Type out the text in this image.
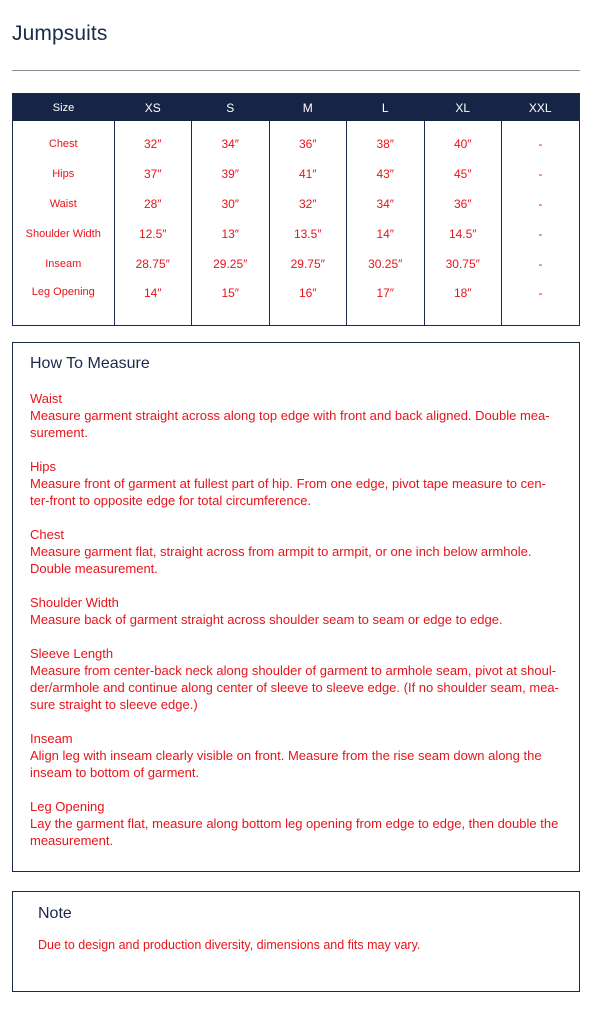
Jumpsuits
Size	XS	S	M	L	XL	XXL
Chest	32″	34″	36″	38″	40″	-
Hips	37″	39″	41″	43″	45″	-
Waist	28″	30″	32″	34″	36″	-
Shoulder Width	12.5″	13″	13.5″	14″	14.5″	-
Inseam	28.75″	29.25″	29.75″	30.25″	30.75″	-
Leg Opening	14″	15″	16″	17″	18″	-
How To Measure
Waist
Measure garment straight across along top edge with front and back aligned. Double mea-surement.
Hips
Measure front of garment at fullest part of hip. From one edge, pivot tape measure to cen-ter-front to opposite edge for total circumference.
Chest
Measure garment flat, straight across from armpit to armpit, or one inch below armhole. Double measurement.
Shoulder Width
Measure back of garment straight across shoulder seam to seam or edge to edge.
Sleeve Length
Measure from center-back neck along shoulder of garment to armhole seam, pivot at shoul-der/armhole and continue along center of sleeve to sleeve edge. (If no shoulder seam, mea-sure straight to sleeve edge.)
Inseam
Align leg with inseam clearly visible on front. Measure from the rise seam down along the inseam to bottom of garment.
Leg Opening
Lay the garment flat, measure along bottom leg opening from edge to edge, then double the measurement.
Note
Due to design and production diversity, dimensions and fits may vary.
